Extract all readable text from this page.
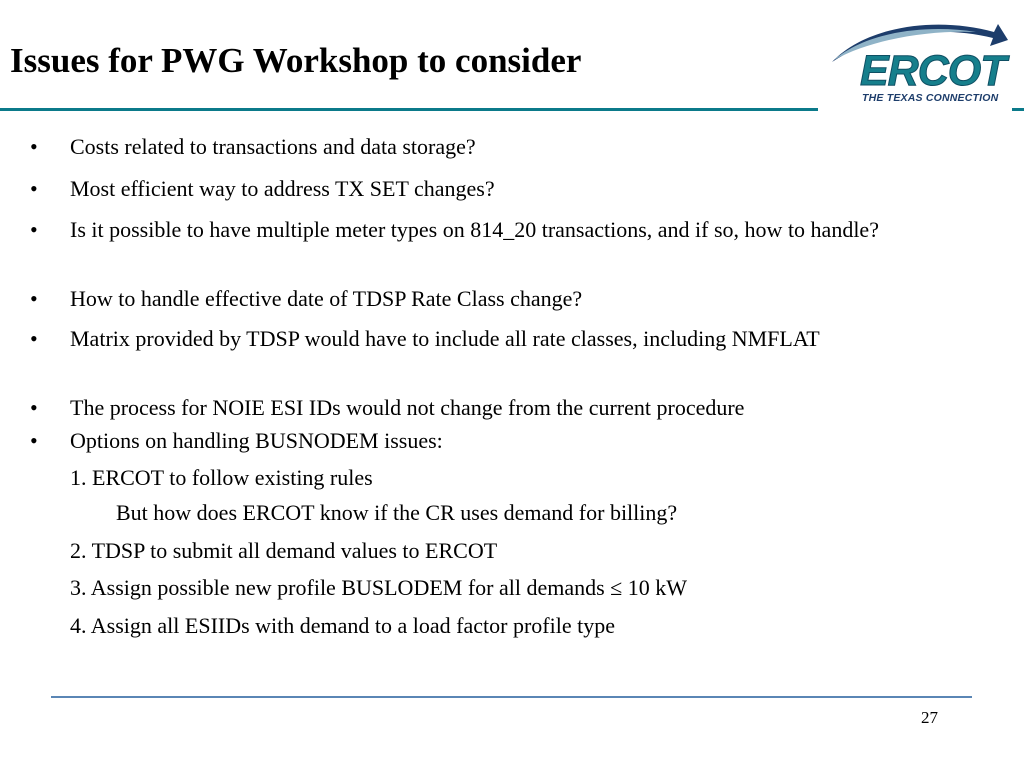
Issues for PWG Workshop to consider	ERCOT
THE TEXAS CONNECTION
• Costs related to transactions and data storage?
• Most efficient way to address TX SET changes?
• Is it possible to have multiple meter types on 814_20 transactions, and if so, how to handle?
• How to handle effective date of TDSP Rate Class change?
• Matrix provided by TDSP would have to include all rate classes, including NMFLAT
• The process for NOIE ESI IDs would not change from the current procedure
• Options on handling BUSNODEM issues:
1. ERCOT to follow existing rules
But how does ERCOT know if the CR uses demand for billing?
2. TDSP to submit all demand values to ERCOT
3. Assign possible new profile BUSLODEM for all demands ≤ 10 kW
4. Assign all ESIIDs with demand to a load factor profile type
27
